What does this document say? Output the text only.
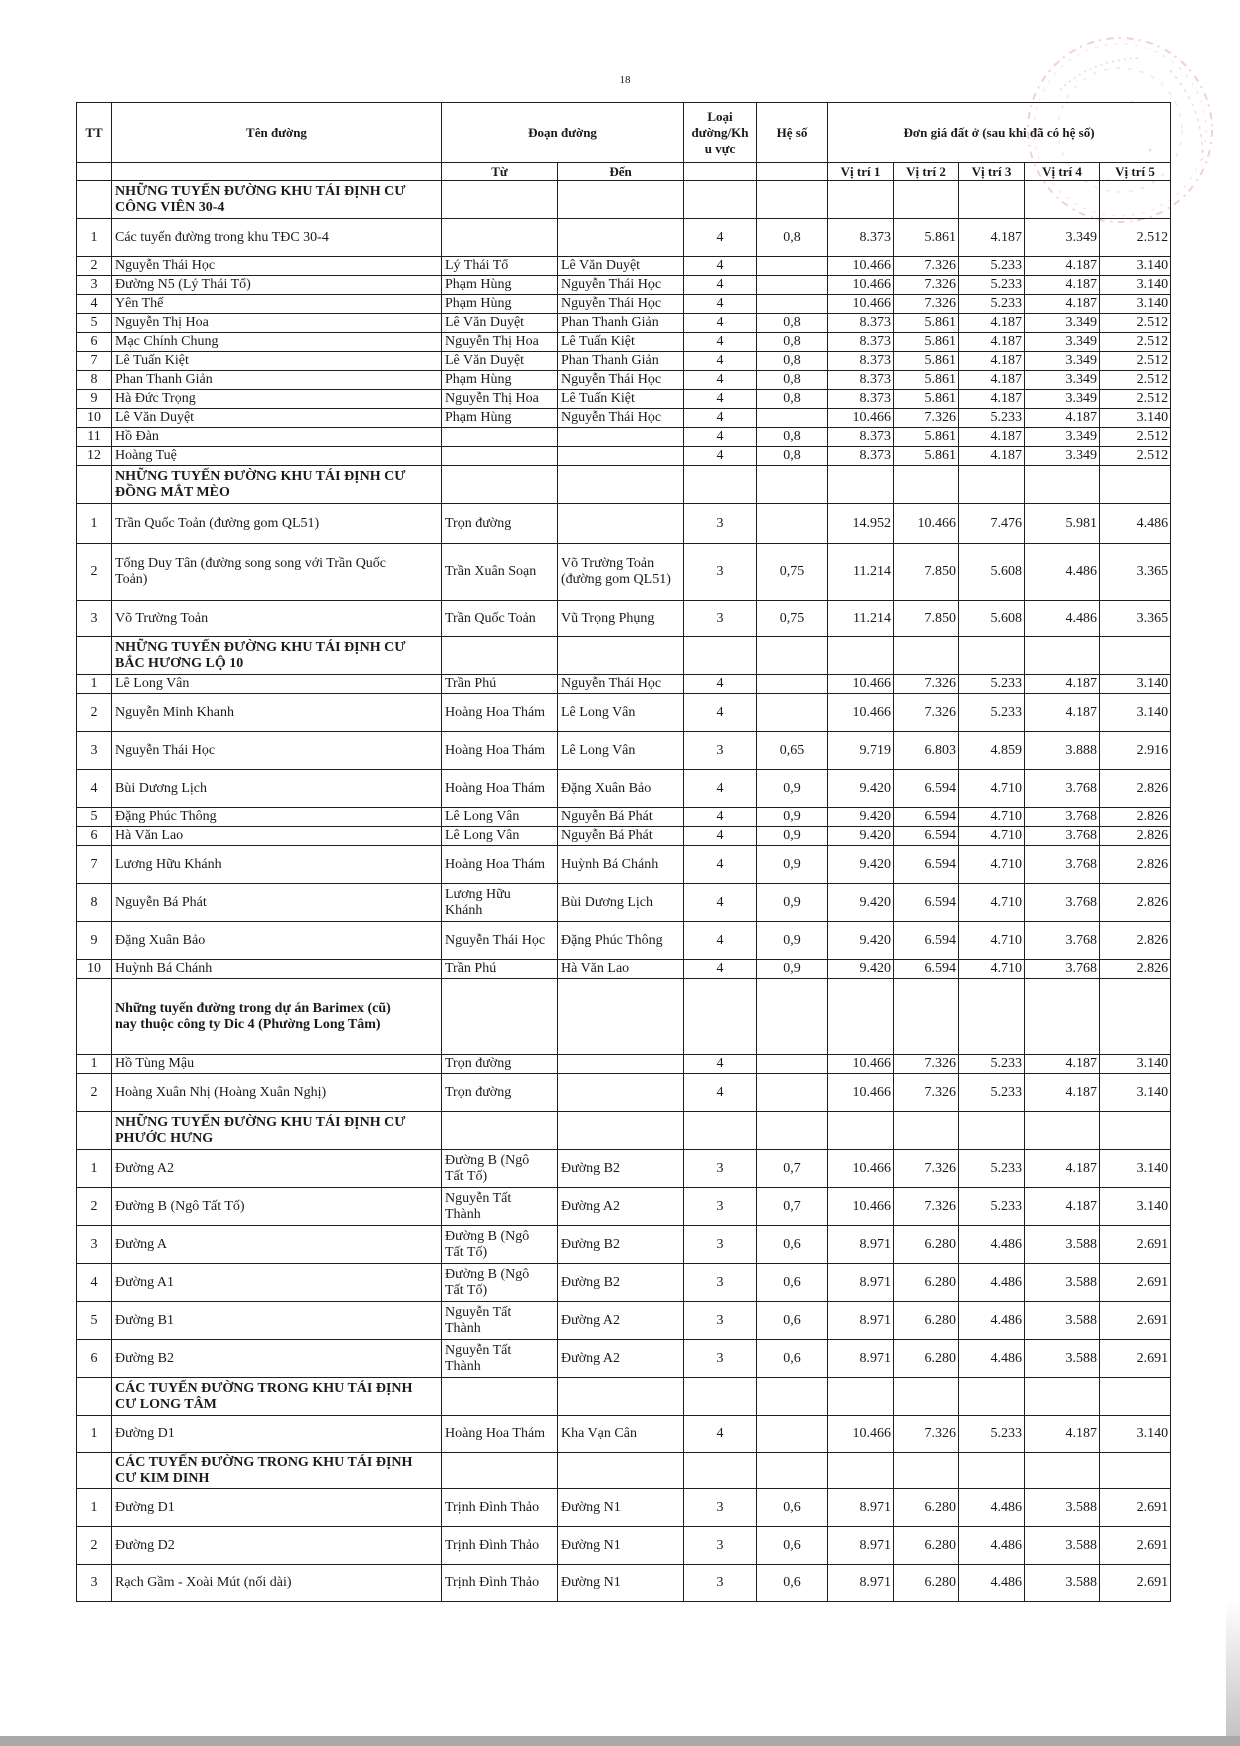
18
TT	Tên đường	Đoạn đường		Loại
đường/Kh
u vực	Hệ số	Đơn giá đất ở (sau khi đã có hệ số)				
		Từ	Đến			Vị trí 1	Vị trí 2	Vị trí 3	Vị trí 4	Vị trí 5
	NHỮNG TUYẾN ĐƯỜNG KHU TÁI ĐỊNH CƯ
CÔNG VIÊN 30-4									
1	Các tuyến đường trong khu TĐC 30-4			4	0,8	8.373	5.861	4.187	3.349	2.512
2	Nguyễn Thái Học	Lý Thái Tổ	Lê Văn Duyệt	4		10.466	7.326	5.233	4.187	3.140
3	Đường N5 (Lý Thái Tổ)	Phạm Hùng	Nguyễn Thái Học	4		10.466	7.326	5.233	4.187	3.140
4	Yên Thế	Phạm Hùng	Nguyễn Thái Học	4		10.466	7.326	5.233	4.187	3.140
5	Nguyễn Thị Hoa	Lê Văn Duyệt	Phan Thanh Giản	4	0,8	8.373	5.861	4.187	3.349	2.512
6	Mạc Chính Chung	Nguyễn Thị Hoa	Lê Tuấn Kiệt	4	0,8	8.373	5.861	4.187	3.349	2.512
7	Lê Tuấn Kiệt	Lê Văn Duyệt	Phan Thanh Giản	4	0,8	8.373	5.861	4.187	3.349	2.512
8	Phan Thanh Giản	Phạm Hùng	Nguyễn Thái Học	4	0,8	8.373	5.861	4.187	3.349	2.512
9	Hà Đức Trọng	Nguyễn Thị Hoa	Lê Tuấn Kiệt	4	0,8	8.373	5.861	4.187	3.349	2.512
10	Lê Văn Duyệt	Phạm Hùng	Nguyễn Thái Học	4		10.466	7.326	5.233	4.187	3.140
11	Hồ Đàn			4	0,8	8.373	5.861	4.187	3.349	2.512
12	Hoàng Tuệ			4	0,8	8.373	5.861	4.187	3.349	2.512
	NHỮNG TUYẾN ĐƯỜNG KHU TÁI ĐỊNH CƯ
ĐỒNG MẮT MÈO									
1	Trần Quốc Toản (đường gom QL51)	Trọn đường		3		14.952	10.466	7.476	5.981	4.486
2	Tống Duy Tân (đường song song với Trần Quốc
Toản)	Trần Xuân Soạn	Võ Trường Toản
(đường gom QL51)	3	0,75	11.214	7.850	5.608	4.486	3.365
3	Võ Trường Toản	Trần Quốc Toản	Vũ Trọng Phụng	3	0,75	11.214	7.850	5.608	4.486	3.365
	NHỮNG TUYẾN ĐƯỜNG KHU TÁI ĐỊNH CƯ
BẮC HƯƠNG LỘ 10									
1	Lê Long Vân	Trần Phú	Nguyễn Thái Học	4		10.466	7.326	5.233	4.187	3.140
2	Nguyễn Minh Khanh	Hoàng Hoa Thám	Lê Long Vân	4		10.466	7.326	5.233	4.187	3.140
3	Nguyễn Thái Học	Hoàng Hoa Thám	Lê Long Vân	3	0,65	9.719	6.803	4.859	3.888	2.916
4	Bùi Dương Lịch	Hoàng Hoa Thám	Đặng Xuân Bảo	4	0,9	9.420	6.594	4.710	3.768	2.826
5	Đặng Phúc Thông	Lê Long Vân	Nguyễn Bá Phát	4	0,9	9.420	6.594	4.710	3.768	2.826
6	Hà Văn Lao	Lê Long Vân	Nguyễn Bá Phát	4	0,9	9.420	6.594	4.710	3.768	2.826
7	Lương Hữu Khánh	Hoàng Hoa Thám	Huỳnh Bá Chánh	4	0,9	9.420	6.594	4.710	3.768	2.826
8	Nguyễn Bá Phát	Lương Hữu
Khánh	Bùi Dương Lịch	4	0,9	9.420	6.594	4.710	3.768	2.826
9	Đặng Xuân Bảo	Nguyễn Thái Học	Đặng Phúc Thông	4	0,9	9.420	6.594	4.710	3.768	2.826
10	Huỳnh Bá Chánh	Trần Phú	Hà Văn Lao	4	0,9	9.420	6.594	4.710	3.768	2.826
	Những tuyến đường trong dự án Barimex (cũ)
nay thuộc công ty Dic 4 (Phường Long Tâm)									
1	Hồ Tùng Mậu	Trọn đường		4		10.466	7.326	5.233	4.187	3.140
2	Hoàng Xuân Nhị (Hoàng Xuân Nghị)	Trọn đường		4		10.466	7.326	5.233	4.187	3.140
	NHỮNG TUYẾN ĐƯỜNG KHU TÁI ĐỊNH CƯ
PHƯỚC HƯNG									
1	Đường A2	Đường B (Ngô
Tất Tố)	Đường B2	3	0,7	10.466	7.326	5.233	4.187	3.140
2	Đường B (Ngô Tất Tố)	Nguyễn Tất
Thành	Đường A2	3	0,7	10.466	7.326	5.233	4.187	3.140
3	Đường A	Đường B (Ngô
Tất Tố)	Đường B2	3	0,6	8.971	6.280	4.486	3.588	2.691
4	Đường A1	Đường B (Ngô
Tất Tố)	Đường B2	3	0,6	8.971	6.280	4.486	3.588	2.691
5	Đường B1	Nguyễn Tất
Thành	Đường A2	3	0,6	8.971	6.280	4.486	3.588	2.691
6	Đường B2	Nguyễn Tất
Thành	Đường A2	3	0,6	8.971	6.280	4.486	3.588	2.691
	CÁC TUYẾN ĐƯỜNG TRONG KHU TÁI ĐỊNH
CƯ LONG TÂM									
1	Đường D1	Hoàng Hoa Thám	Kha Vạn Cân	4		10.466	7.326	5.233	4.187	3.140
	CÁC TUYẾN ĐƯỜNG TRONG KHU TÁI ĐỊNH
CƯ KIM DINH									
1	Đường D1	Trịnh Đình Thảo	Đường N1	3	0,6	8.971	6.280	4.486	3.588	2.691
2	Đường D2	Trịnh Đình Thảo	Đường N1	3	0,6	8.971	6.280	4.486	3.588	2.691
3	Rạch Gầm - Xoài Mút (nối dài)	Trịnh Đình Thảo	Đường N1	3	0,6	8.971	6.280	4.486	3.588	2.691
